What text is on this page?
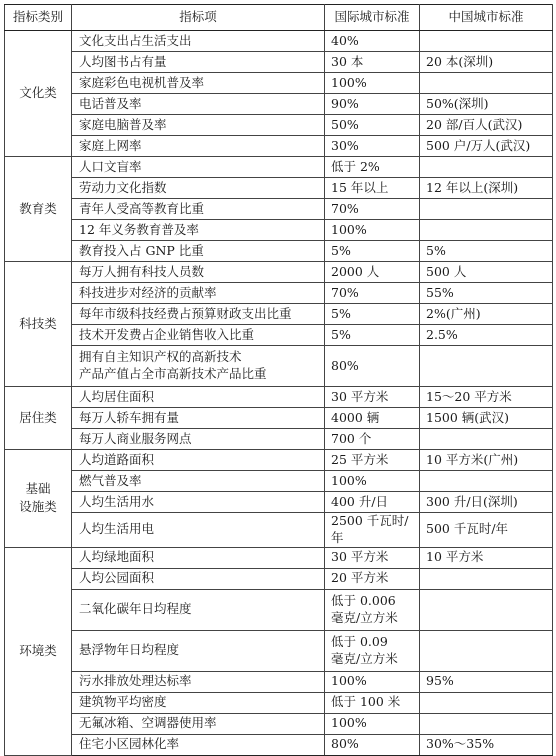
指标类别	指标项	国际城市标准	中国城市标准

文化类	文化支出占生活支出	40%	

	人均图书占有量	30 本	20 本(深圳)

	家庭彩色电视机普及率	100%	

	电话普及率	90%	50%(深圳)

	家庭电脑普及率	50%	20 部/百人(武汉)

	家庭上网率	30%	500 户/万人(武汉)

教育类	人口文盲率	低于 2%	

	劳动力文化指数	15 年以上	12 年以上(深圳)

	青年人受高等教育比重	70%	

	12 年义务教育普及率	100%	

	教育投入占 GNP 比重	5%	5%

科技类	每万人拥有科技人员数	2000 人	500 人

	科技进步对经济的贡献率	70%	55%

	每年市级科技经费占预算财政支出比重	5%	2%(广州)

	技术开发费占企业销售收入比重	5%	2.5%

	拥有自主知识产权的高新技术
产品产值占全市高新技术产品比重	80%	

居住类	人均居住面积	30 平方米	15～20 平方米

	每万人轿车拥有量	4000 辆	1500 辆(武汉)

	每万人商业服务网点	700 个	

基础
设施类	人均道路面积	25 平方米	10 平方米(广州)

	燃气普及率	100%	

	人均生活用水	400 升/日	300 升/日(深圳)

	人均生活用电	2500 千瓦时/年	500 千瓦时/年

环境类	人均绿地面积	30 平方米	10 平方米

	人均公园面积	20 平方米	

	二氧化碳年日均程度	低于 0.006
毫克/立方米	

	悬浮物年日均程度	低于 0.09
毫克/立方米	

	污水排放处理达标率	100%	95%

	建筑物平均密度	低于 100 米	

	无氟冰箱、空调器使用率	100%	

	住宅小区园林化率	80%	30%～35%
